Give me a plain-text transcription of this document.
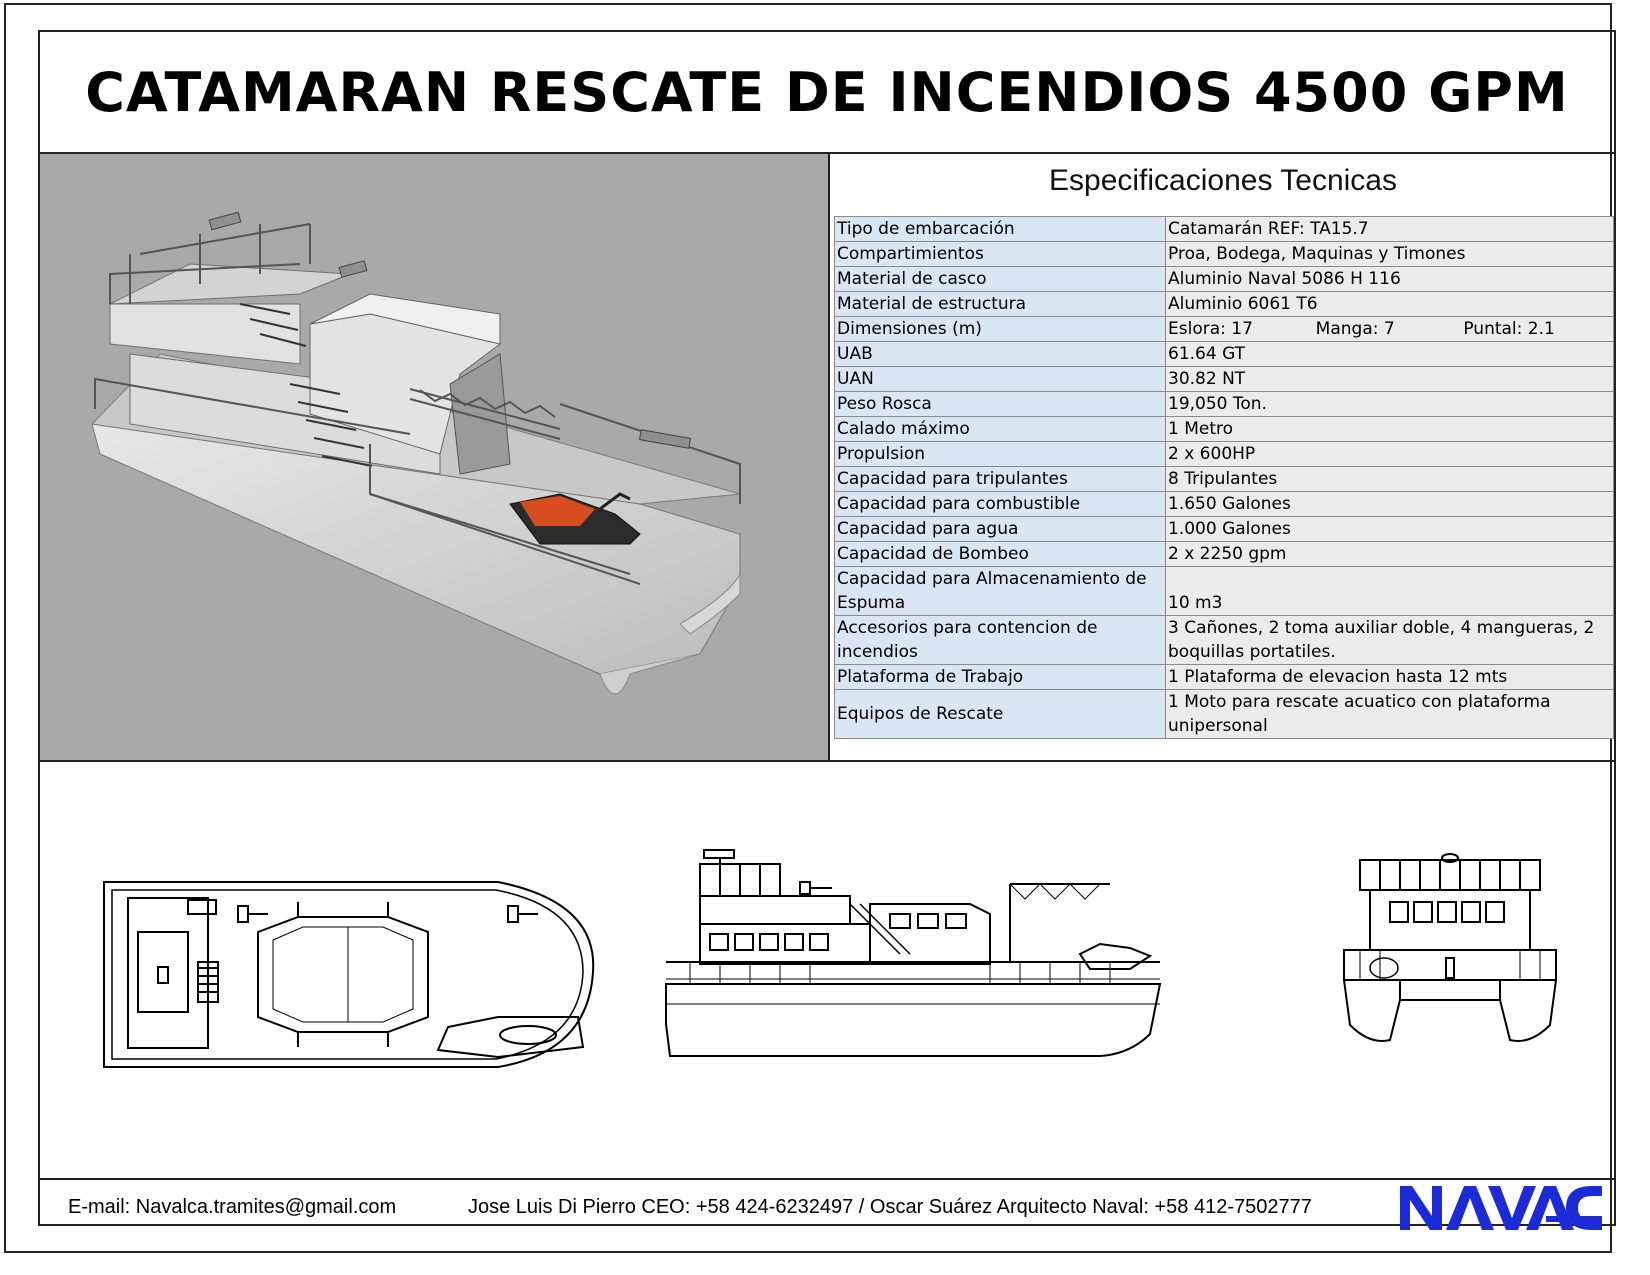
CATAMARAN RESCATE DE INCENDIOS 4500 GPM
Especificaciones Tecnicas
Tipo de embarcación	Catamarán REF: TA15.7
Compartimientos	Proa, Bodega, Maquinas y Timones
Material de casco	Aluminio Naval 5086 H 116
Material de estructura	Aluminio 6061 T6
Dimensiones (m)	Eslora: 17 Manga: 7 Puntal: 2.1

UAB	61.64 GT
UAN	30.82 NT
Peso Rosca	19,050 Ton.
Calado máximo	1 Metro
Propulsion	2 x 600HP
Capacidad para tripulantes	8 Tripulantes
Capacidad para combustible	1.650 Galones
Capacidad para agua	1.000 Galones
Capacidad de Bombeo	2 x 2250 gpm
Capacidad para Almacenamiento de Espuma	10 m3
Accesorios para contencion de incendios	3 Cañones, 2 toma auxiliar doble, 4 mangueras, 2 boquillas portatiles.
Plataforma de Trabajo	1 Plataforma de elevacion hasta 12 mts
Equipos de Rescate	1 Moto para rescate acuatico con plataforma unipersonal
E-mail: Navalca.tramites@gmail.com	Jose Luis Di Pierro CEO: +58 424-6232497 / Oscar Suárez Arquitecto Naval: +58 412-7502777
